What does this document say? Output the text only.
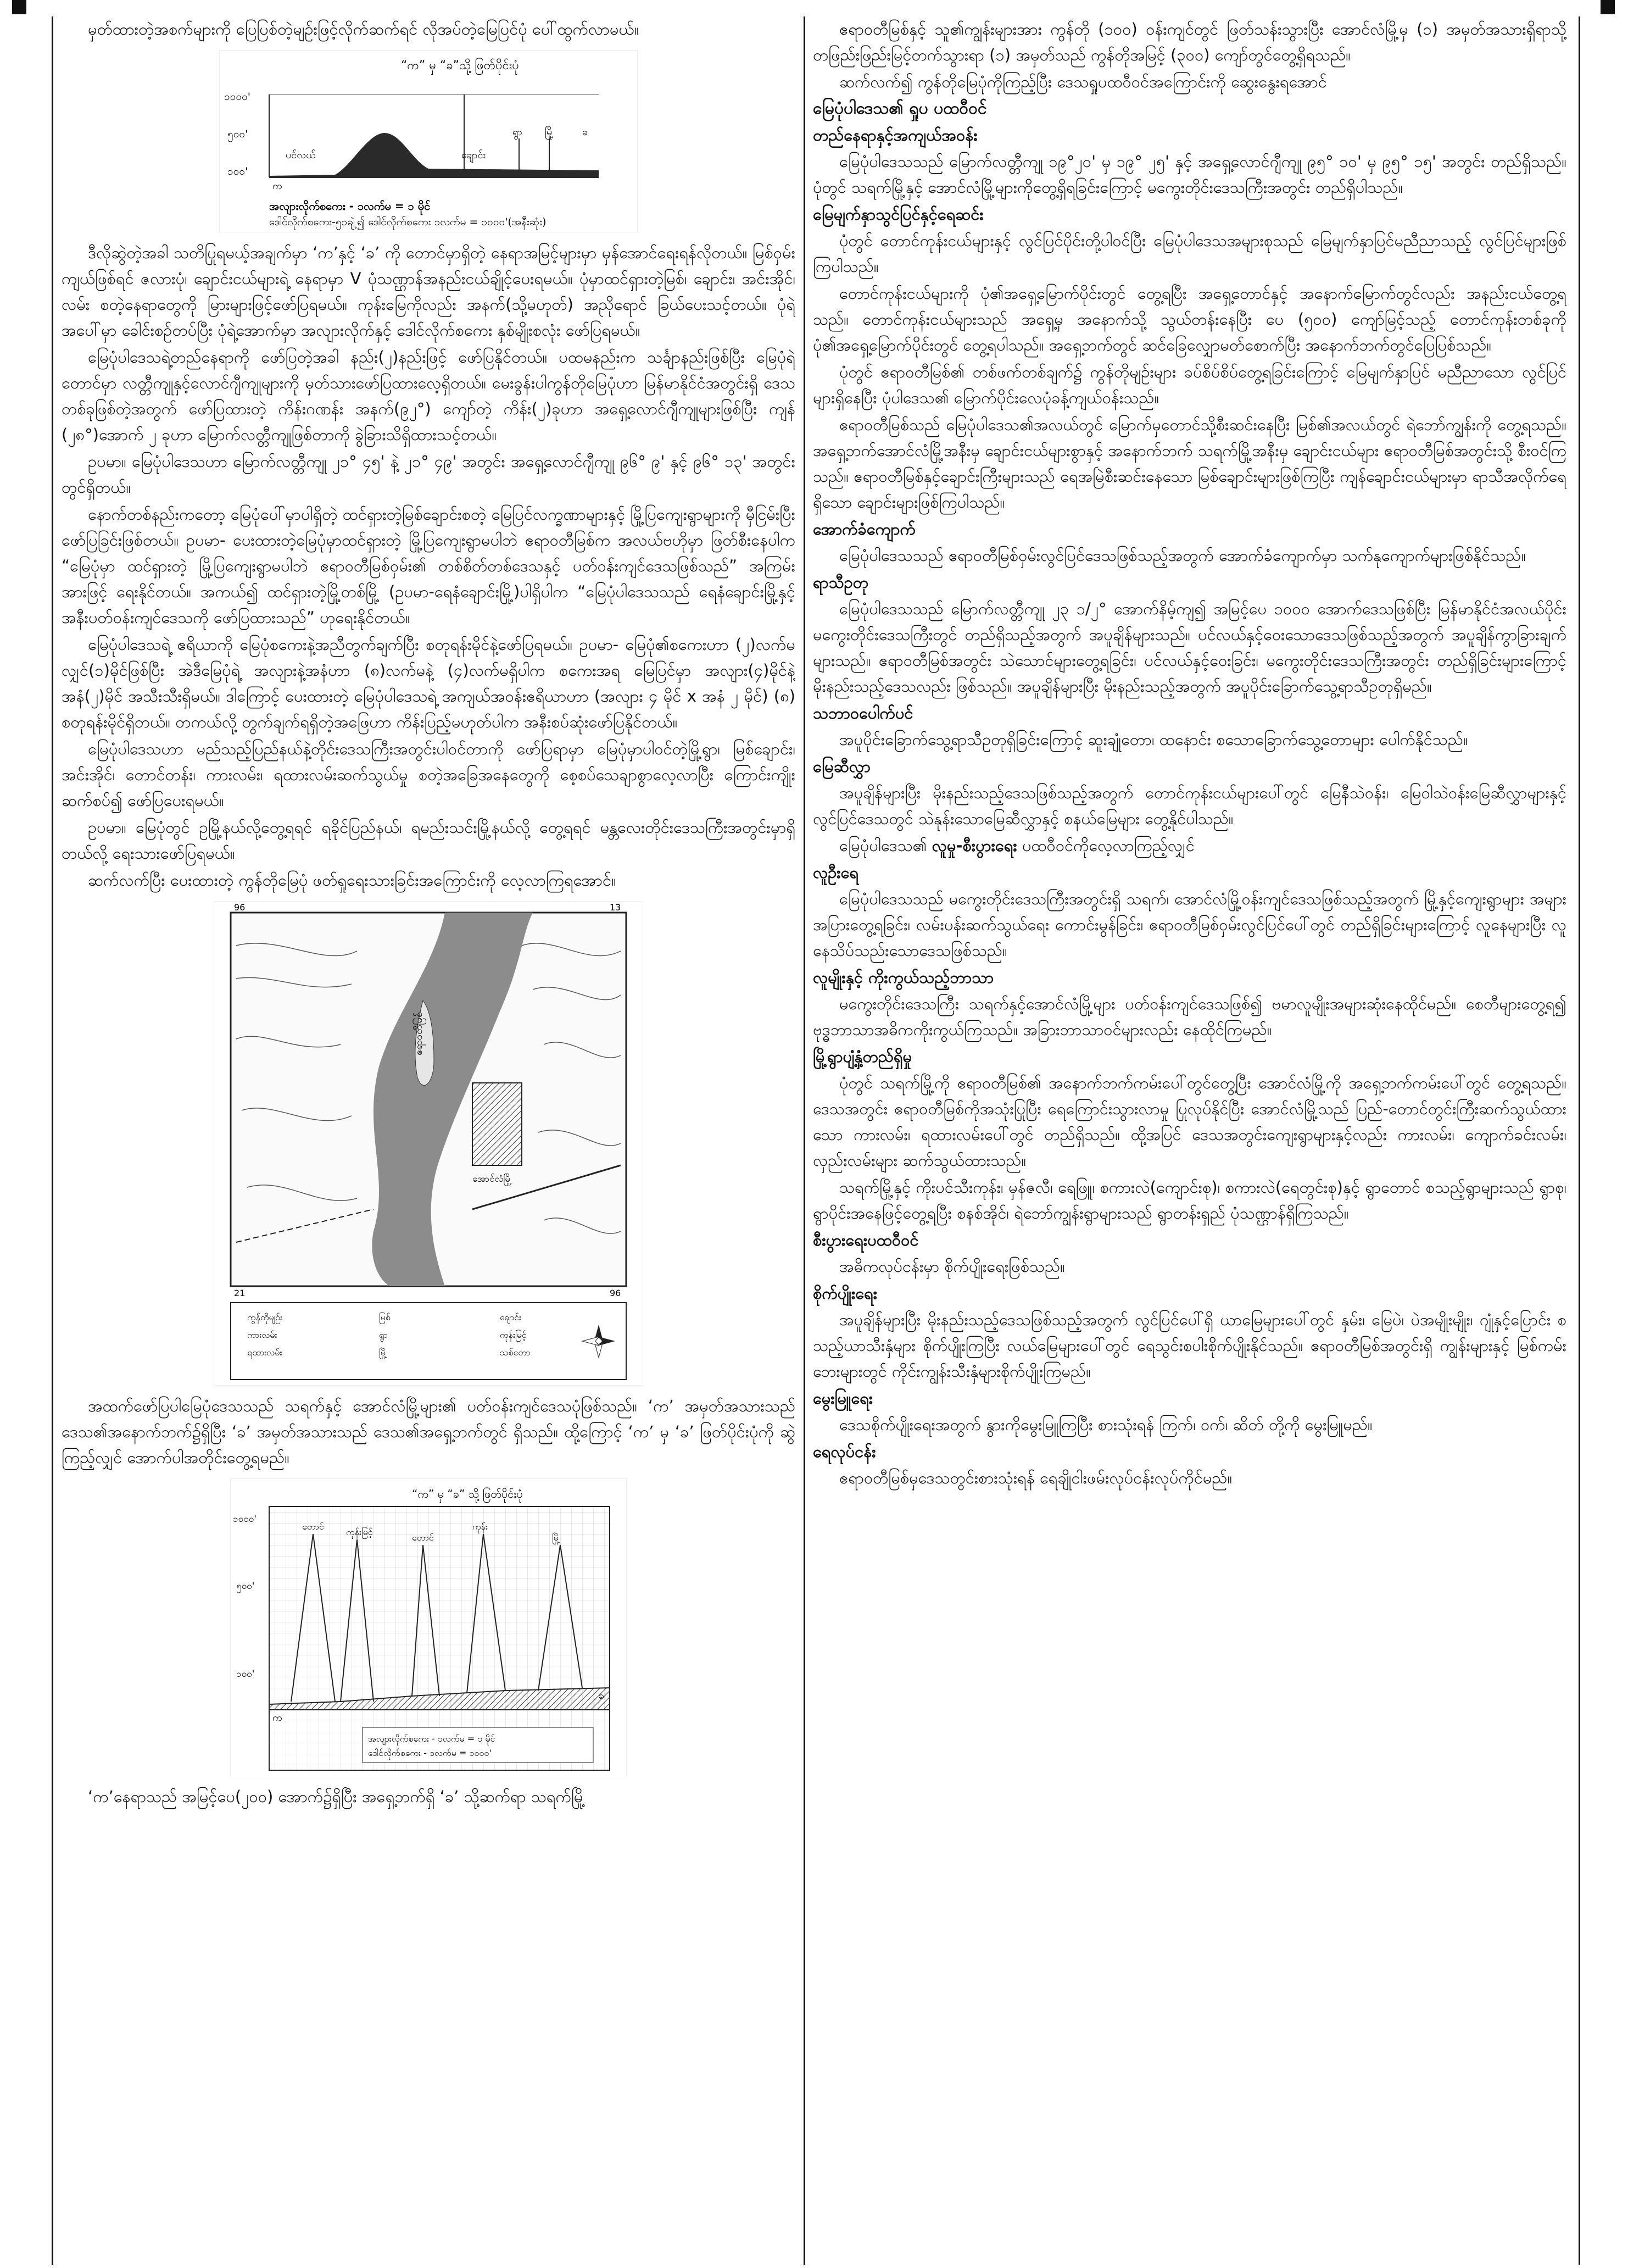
မှတ်ထားတဲ့အစက်များကို ပြေပြစ်တဲ့မျဉ်းဖြင့်လိုက်ဆက်ရင် လိုအပ်တဲ့မြေပြင်ပုံ ပေါ်ထွက်လာမယ်။

“က” မှ “ခ”သို့ ဖြတ်ပိုင်းပုံ
၁၀၀၀'
၅၀၀'
၁၀၀'
ပင်လယ်	ချောင်း
ရွာ မြို့	ခ
က
အလျားလိုက်စကေး - ၁လက်မ = ၁ မိုင်
ဒေါင်လိုက်စကေး-၅၁ချဲ့၍ ဒေါင်လိုက်စကေး ၁လက်မ = ၁၀၀၀'(အနီးဆုံး)

ဒီလိုဆွဲတဲ့အခါ သတိပြုရမယ့်အချက်မှာ ‘က’နှင့် ‘ခ’ ကို တောင်မှာရှိတဲ့ နေရာအမြင့်များမှာ မှန်အောင်ရေးရန်လိုတယ်။ မြစ်ဝှမ်းကျယ်ဖြစ်ရင် ဇလားပုံ၊ ချောင်းငယ်များရဲ့ နေရာမှာ V ပုံသဏ္ဌာန်အနည်းငယ်ချိုင့်ပေးရမယ်။ ပုံမှာထင်ရှားတဲ့မြစ်၊ ချောင်း၊ အင်းအိုင်၊ လမ်း စတဲ့နေရာတွေကို မြားများဖြင့်ဖော်ပြရမယ်။ ကုန်းမြေကိုလည်း အနက်(သို့မဟုတ်) အညိုရောင် ခြယ်ပေးသင့်တယ်။ ပုံရဲ့အပေါ်မှာ ခေါင်းစဉ်တပ်ပြီး ပုံရဲ့အောက်မှာ အလျားလိုက်နှင့် ဒေါင်လိုက်စကေး နှစ်မျိုးစလုံး ဖော်ပြရမယ်။

မြေပုံပါဒေသရဲ့တည်နေရာကို ဖော်ပြတဲ့အခါ နည်း(၂)နည်းဖြင့် ဖော်ပြနိုင်တယ်။ ပထမနည်းက သင်္ချာနည်းဖြစ်ပြီး မြေပုံရဲ့တောင်မှာ လတ္တီကျုနှင့်လောင်ဂျီကျုများကို မှတ်သားဖော်ပြထားလေ့ရှိတယ်။ မေးခွန်းပါကွန်တိုမြေပုံဟာ မြန်မာနိုင်ငံအတွင်းရှိ ဒေသတစ်ခုဖြစ်တဲ့အတွက် ဖော်ပြထားတဲ့ ကိန်းဂဏန်း အနက်(၉၂°) ကျော်တဲ့ ကိန်း(၂)ခုဟာ အရှေ့လောင်ဂျီကျုများဖြစ်ပြီး ကျန် (၂၈°)အောက် ၂ ခုဟာ မြောက်လတ္တီကျုဖြစ်တာကို ခွဲခြားသိရှိထားသင့်တယ်။

ဥပမာ။ မြေပုံပါဒေသဟာ မြောက်လတ္တီကျု ၂၁° ၄၅' နဲ့ ၂၁° ၄၉' အတွင်း အရှေ့လောင်ဂျီကျု ၉၆° ၉' နှင့် ၉၆° ၁၃' အတွင်းတွင်ရှိတယ်။

နောက်တစ်နည်းကတော့ မြေပုံပေါ်မှာပါရှိတဲ့ ထင်ရှားတဲ့မြစ်ချောင်းစတဲ့ မြေပြင်လက္ခဏာများနှင့် မြို့ပြကျေးရွာများကို မှီငြမ်းပြီးဖော်ပြခြင်းဖြစ်တယ်။ ဥပမာ- ပေးထားတဲ့မြေပုံမှာထင်ရှားတဲ့ မြို့ပြကျေးရွာမပါဘဲ ဧရာဝတီမြစ်က အလယ်ဗဟိုမှာ ဖြတ်စီးနေပါက “မြေပုံမှာ ထင်ရှားတဲ့ မြို့ပြကျေးရွာမပါဘဲ ဧရာဝတီမြစ်ဝှမ်း၏ တစ်စိတ်တစ်ဒေသနှင့် ပတ်ဝန်းကျင်ဒေသဖြစ်သည်” အကြမ်းအားဖြင့် ရေးနိုင်တယ်။ အကယ်၍ ထင်ရှားတဲ့မြို့တစ်မြို့ (ဥပမာ-ရေနံချောင်းမြို့)ပါရှိပါက “မြေပုံပါဒေသသည် ရေနံချောင်းမြို့နှင့် အနီးပတ်ဝန်းကျင်ဒေသကို ဖော်ပြထားသည်” ဟုရေးနိုင်တယ်။

မြေပုံပါဒေသရဲ့ ဧရိယာကို မြေပုံစကေးနဲ့အညီတွက်ချက်ပြီး စတုရန်းမိုင်နဲ့ဖော်ပြရမယ်။ ဥပမာ- မြေပုံ၏စကေးဟာ (၂)လက်မလျှင်(၁)မိုင်ဖြစ်ပြီး အဲဒီမြေပုံရဲ့ အလျားနဲ့အနံဟာ (၈)လက်မနဲ့ (၄)လက်မရှိပါက စကေးအရ မြေပြင်မှာ အလျား(၄)မိုင်နဲ့ အနံ(၂)မိုင် အသီးသီးရှိမယ်။ ဒါကြောင့် ပေးထားတဲ့ မြေပုံပါဒေသရဲ့ အကျယ်အဝန်းဧရိယာဟာ (အလျား ၄ မိုင် x အနံ ၂ မိုင်) (၈) စတုရန်းမိုင်ရှိတယ်။ တကယ်လို့ တွက်ချက်ရရှိတဲ့အဖြေဟာ ကိန်းပြည့်မဟုတ်ပါက အနီးစပ်ဆုံးဖော်ပြနိုင်တယ်။

မြေပုံပါဒေသဟာ မည်သည့်ပြည်နယ်နဲ့တိုင်းဒေသကြီးအတွင်းပါဝင်တာကို ဖော်ပြရာမှာ မြေပုံမှာပါဝင်တဲ့မြို့ရွာ၊ မြစ်ချောင်း၊ အင်းအိုင်၊ တောင်တန်း၊ ကားလမ်း၊ ရထားလမ်းဆက်သွယ်မှု စတဲ့အခြေအနေတွေကို စေ့စပ်သေချာစွာလေ့လာပြီး ကြောင်းကျိုးဆက်စပ်၍ ဖော်ပြပေးရမယ်။

ဥပမာ။ မြေပုံတွင် ဥမြို့နယ်လို့တွေ့ရရင် ရခိုင်ပြည်နယ်၊ ရမည်းသင်းမြို့နယ်လို့ တွေ့ရရင် မန္တလေးတိုင်းဒေသကြီးအတွင်းမှာရှိတယ်လို့ ရေးသားဖော်ပြရမယ်။

ဆက်လက်ပြီး ပေးထားတဲ့ ကွန်တိုမြေပုံ ဖတ်ရှုရေးသားခြင်းအကြောင်းကို လေ့လာကြရအောင်။

96	13
21	96
ဧရာဝတီမြစ်
အောင်လံမြို့
ကွန်တိုမျဉ်း
ကားလမ်း
ရထားလမ်း
မြစ်
ရွာ
မြို့
ချောင်း
ကုန်းမြင့်
သစ်တော

အထက်ဖော်ပြပါမြေပုံဒေသသည် သရက်နှင့် အောင်လံမြို့များ၏ ပတ်ဝန်းကျင်ဒေသပုံဖြစ်သည်။ ‘က’ အမှတ်အသားသည် ဒေသ၏အနောက်ဘက်၌ရှိပြီး ‘ခ’ အမှတ်အသားသည် ဒေသ၏အရှေ့ဘက်တွင် ရှိသည်။ ထို့ကြောင့် ‘က’ မှ ‘ခ’ ဖြတ်ပိုင်းပုံကို ဆွဲကြည့်လျှင် အောက်ပါအတိုင်းတွေ့ရမည်။

“က” မှ “ခ” သို့ ဖြတ်ပိုင်းပုံ
၁၀၀၀'
၅၀၀'
၁၀၀'
တောင်
ကုန်းမြင့်
တောင်
ကုန်း
မြို့
က
ခ
အလျားလိုက်စကေး - ၁လက်မ = ၁ မိုင်
ဒေါင်လိုက်စကေး - ၁လက်မ = ၁၀၀၀'

‘က’နေရာသည် အမြင့်ပေ(၂၀၀) အောက်၌ရှိပြီး အရှေ့ဘက်ရှိ ‘ခ’ သို့ဆက်ရာ သရက်မြို့

ဧရာဝတီမြစ်နှင့် သူ၏ကျွန်းများအား ကွန်တို (၁၀၀) ဝန်းကျင်တွင် ဖြတ်သန်းသွားပြီး အောင်လံမြို့မှ (၁) အမှတ်အသားရှိရာသို့ တဖြည်းဖြည်းမြင့်တက်သွားရာ (၁) အမှတ်သည် ကွန်တိုအမြင့် (၃၀၀) ကျော်တွင်တွေ့ရှိရသည်။

ဆက်လက်၍ ကွန်တိုမြေပုံကိုကြည့်ပြီး ဒေသရှုပထဝီဝင်အကြောင်းကို ဆွေးနွေးရအောင်

မြေပုံပါဒေသ၏ ရှုပ ပထဝီဝင်
တည်နေရာနှင့်အကျယ်အဝန်း

မြေပုံပါဒေသသည် မြောက်လတ္တီကျု ၁၉°၂၀' မှ ၁၉° ၂၅' နှင့် အရှေ့လောင်ဂျီကျု ၉၅° ၁၀' မှ ၉၅° ၁၅' အတွင်း တည်ရှိသည်။ ပုံတွင် သရက်မြို့နှင့် အောင်လံမြို့များကိုတွေ့ရှိရခြင်းကြောင့် မကွေးတိုင်းဒေသကြီးအတွင်း တည်ရှိပါသည်။

မြေမျက်နှာသွင်ပြင်နှင့်ရေဆင်း

ပုံတွင် တောင်ကုန်းငယ်များနှင့် လွင်ပြင်ပိုင်းတို့ပါဝင်ပြီး မြေပုံပါဒေသအများစုသည် မြေမျက်နှာပြင်မညီညာသည့် လွင်ပြင်များဖြစ်ကြပါသည်။

တောင်ကုန်းငယ်များကို ပုံ၏အရှေ့မြောက်ပိုင်းတွင် တွေ့ရပြီး အရှေ့တောင်နှင့် အနောက်မြောက်တွင်လည်း အနည်းငယ်တွေ့ရသည်။ တောင်ကုန်းငယ်များသည် အရှေ့မှ အနောက်သို့ သွယ်တန်းနေပြီး ပေ (၅၀၀) ကျော်မြင့်သည့် တောင်ကုန်းတစ်ခုကို ပုံ၏အရှေ့မြောက်ပိုင်းတွင် တွေ့ရပါသည်။ အရှေ့ဘက်တွင် ဆင်ခြေလျှောမတ်စောက်ပြီး အနောက်ဘက်တွင်ပြေပြစ်သည်။

ပုံတွင် ဧရာဝတီမြစ်၏ တစ်ဖက်တစ်ချက်၌ ကွန်တိုမျဉ်းများ ခပ်စိပ်စိပ်တွေ့ရခြင်းကြောင့် မြေမျက်နှာပြင် မညီညာသော လွင်ပြင်များရှိနေပြီး ပုံပါဒေသ၏ မြောက်ပိုင်းလေပုံခန့်ကျယ်ဝန်းသည်။

ဧရာဝတီမြစ်သည် မြေပုံပါဒေသ၏အလယ်တွင် မြောက်မှတောင်သို့စီးဆင်းနေပြီး မြစ်၏အလယ်တွင် ရဲဘော်ကျွန်းကို တွေ့ရသည်။ အရှေ့ဘက်အောင်လံမြို့အနီးမှ ချောင်းငယ်များစွာနှင့် အနောက်ဘက် သရက်မြို့အနီးမှ ချောင်းငယ်များ ဧရာဝတီမြစ်အတွင်းသို့ စီးဝင်ကြသည်။ ဧရာဝတီမြစ်နှင့်ချောင်းကြီးများသည် ရေအမြဲစီးဆင်းနေသော မြစ်ချောင်းများဖြစ်ကြပြီး ကျန်ချောင်းငယ်များမှာ ရာသီအလိုက်ရေရှိသော ချောင်းများဖြစ်ကြပါသည်။

အောက်ခံကျောက်

မြေပုံပါဒေသသည် ဧရာဝတီမြစ်ဝှမ်းလွင်ပြင်ဒေသဖြစ်သည့်အတွက် အောက်ခံကျောက်မှာ သက်နုကျောက်များဖြစ်နိုင်သည်။

ရာသီဥတု

မြေပုံပါဒေသသည် မြောက်လတ္တီကျု ၂၃ ၁/၂° အောက်နိမ့်ကျ၍ အမြင့်ပေ ၁၀၀၀ အောက်ဒေသဖြစ်ပြီး မြန်မာနိုင်ငံအလယ်ပိုင်း မကွေးတိုင်းဒေသကြီးတွင် တည်ရှိသည့်အတွက် အပူချိန်များသည်။ ပင်လယ်နှင့်ဝေးသောဒေသဖြစ်သည့်အတွက် အပူချိန်ကွာခြားချက်များသည်။ ဧရာဝတီမြစ်အတွင်း သဲသောင်များတွေ့ရခြင်း၊ ပင်လယ်နှင့်ဝေးခြင်း၊ မကွေးတိုင်းဒေသကြီးအတွင်း တည်ရှိခြင်းများကြောင့် မိုးနည်းသည့်ဒေသလည်း ဖြစ်သည်။ အပူချိန်များပြီး မိုးနည်းသည့်အတွက် အပူပိုင်းခြောက်သွေ့ရာသီဥတုရှိမည်။

သဘာဝပေါက်ပင်

အပူပိုင်းခြောက်သွေ့ရာသီဥတုရှိခြင်းကြောင့် ဆူးချုံတော၊ ထနောင်း စသောခြောက်သွေ့တောများ ပေါက်နိုင်သည်။

မြေဆီလွှာ

အပူချိန်များပြီး မိုးနည်းသည့်ဒေသဖြစ်သည့်အတွက် တောင်ကုန်းငယ်များပေါ်တွင် မြေနီသဲဝန်း၊ မြေဝါသဲဝန်းမြေဆီလွှာများနှင့် လွင်ပြင်ဒေသတွင် သဲနုန်းသောမြေဆီလွှာနှင့် စနယ်မြေများ တွေ့နိုင်ပါသည်။

မြေပုံပါဒေသ၏ လူမှု-စီးပွားရေး ပထဝီဝင်ကိုလေ့လာကြည့်လျှင်

လူဦးရေ

မြေပုံပါဒေသသည် မကွေးတိုင်းဒေသကြီးအတွင်းရှိ သရက်၊ အောင်လံမြို့ဝန်းကျင်ဒေသဖြစ်သည့်အတွက် မြို့နှင့်ကျေးရွာများ အများအပြားတွေ့ရခြင်း၊ လမ်းပန်းဆက်သွယ်ရေး ကောင်းမွန်ခြင်း၊ ဧရာဝတီမြစ်ဝှမ်းလွင်ပြင်ပေါ်တွင် တည်ရှိခြင်းများကြောင့် လူနေများပြီး လူနေသိပ်သည်းသောဒေသဖြစ်သည်။

လူမျိုးနှင့် ကိုးကွယ်သည့်ဘာသာ

မကွေးတိုင်းဒေသကြီး သရက်နှင့်အောင်လံမြို့များ ပတ်ဝန်းကျင်ဒေသဖြစ်၍ ဗမာလူမျိုးအများဆုံးနေထိုင်မည်။ စေတီများတွေ့ရ၍ ဗုဒ္ဓဘာသာအဓိကကိုးကွယ်ကြသည်။ အခြားဘာသာဝင်များလည်း နေထိုင်ကြမည်။

မြို့ရွာပျံ့နှံ့တည်ရှိမှု

ပုံတွင် သရက်မြို့ကို ဧရာဝတီမြစ်၏ အနောက်ဘက်ကမ်းပေါ်တွင်တွေ့ပြီး အောင်လံမြို့ကို အရှေ့ဘက်ကမ်းပေါ်တွင် တွေ့ရသည်။ ဒေသအတွင်း ဧရာဝတီမြစ်ကိုအသုံးပြုပြီး ရေကြောင်းသွားလာမှု ပြုလုပ်နိုင်ပြီး အောင်လံမြို့သည် ပြည်-တောင်တွင်းကြီးဆက်သွယ်ထားသော ကားလမ်း၊ ရထားလမ်းပေါ်တွင် တည်ရှိသည်။ ထို့အပြင် ဒေသအတွင်းကျေးရွာများနှင့်လည်း ကားလမ်း၊ ကျောက်ခင်းလမ်း၊ လှည်းလမ်းများ ဆက်သွယ်ထားသည်။

သရက်မြို့နှင့် ကိုးပင်သီးကုန်း၊ မှန်ဇလီ၊ ရေဖြူ၊ စကားလဲ(ကျောင်းစု)၊ စကားလဲ(ရေတွင်းစု)နှင့် ရွာတောင် စသည့်ရွာများသည် ရွာစု၊ ရွာပိုင်းအနေဖြင့်တွေ့ရပြီး စနစ်အိုင်၊ ရဲဘော်ကျွန်းရွာများသည် ရွာတန်းရှည် ပုံသဏ္ဌာန်ရှိကြသည်။

စီးပွားရေးပထဝီဝင်

အဓိကလုပ်ငန်းမှာ စိုက်ပျိုးရေးဖြစ်သည်။

စိုက်ပျိုးရေး

အပူချိန်များပြီး မိုးနည်းသည့်ဒေသဖြစ်သည့်အတွက် လွင်ပြင်ပေါ်ရှိ ယာမြေများပေါ်တွင် နှမ်း၊ မြေပဲ၊ ပဲအမျိုးမျိုး၊ ဂျုံနှင့်ပြောင်း စသည့်ယာသီးနှံများ စိုက်ပျိုးကြပြီး လယ်မြေများပေါ်တွင် ရေသွင်းစပါးစိုက်ပျိုးနိုင်သည်။ ဧရာဝတီမြစ်အတွင်းရှိ ကျွန်းများနှင့် မြစ်ကမ်းဘေးများတွင် ကိုင်းကျွန်းသီးနှံများစိုက်ပျိုးကြမည်။

မွေးမြူရေး

ဒေသစိုက်ပျိုးရေးအတွက် နွားကိုမွေးမြူကြပြီး စားသုံးရန် ကြက်၊ ဝက်၊ ဆိတ် တို့ကို မွေးမြူမည်။

ရေလုပ်ငန်း

ဧရာဝတီမြစ်မှဒေသတွင်းစားသုံးရန် ရေချိုငါးဖမ်းလုပ်ငန်းလုပ်ကိုင်မည်။
